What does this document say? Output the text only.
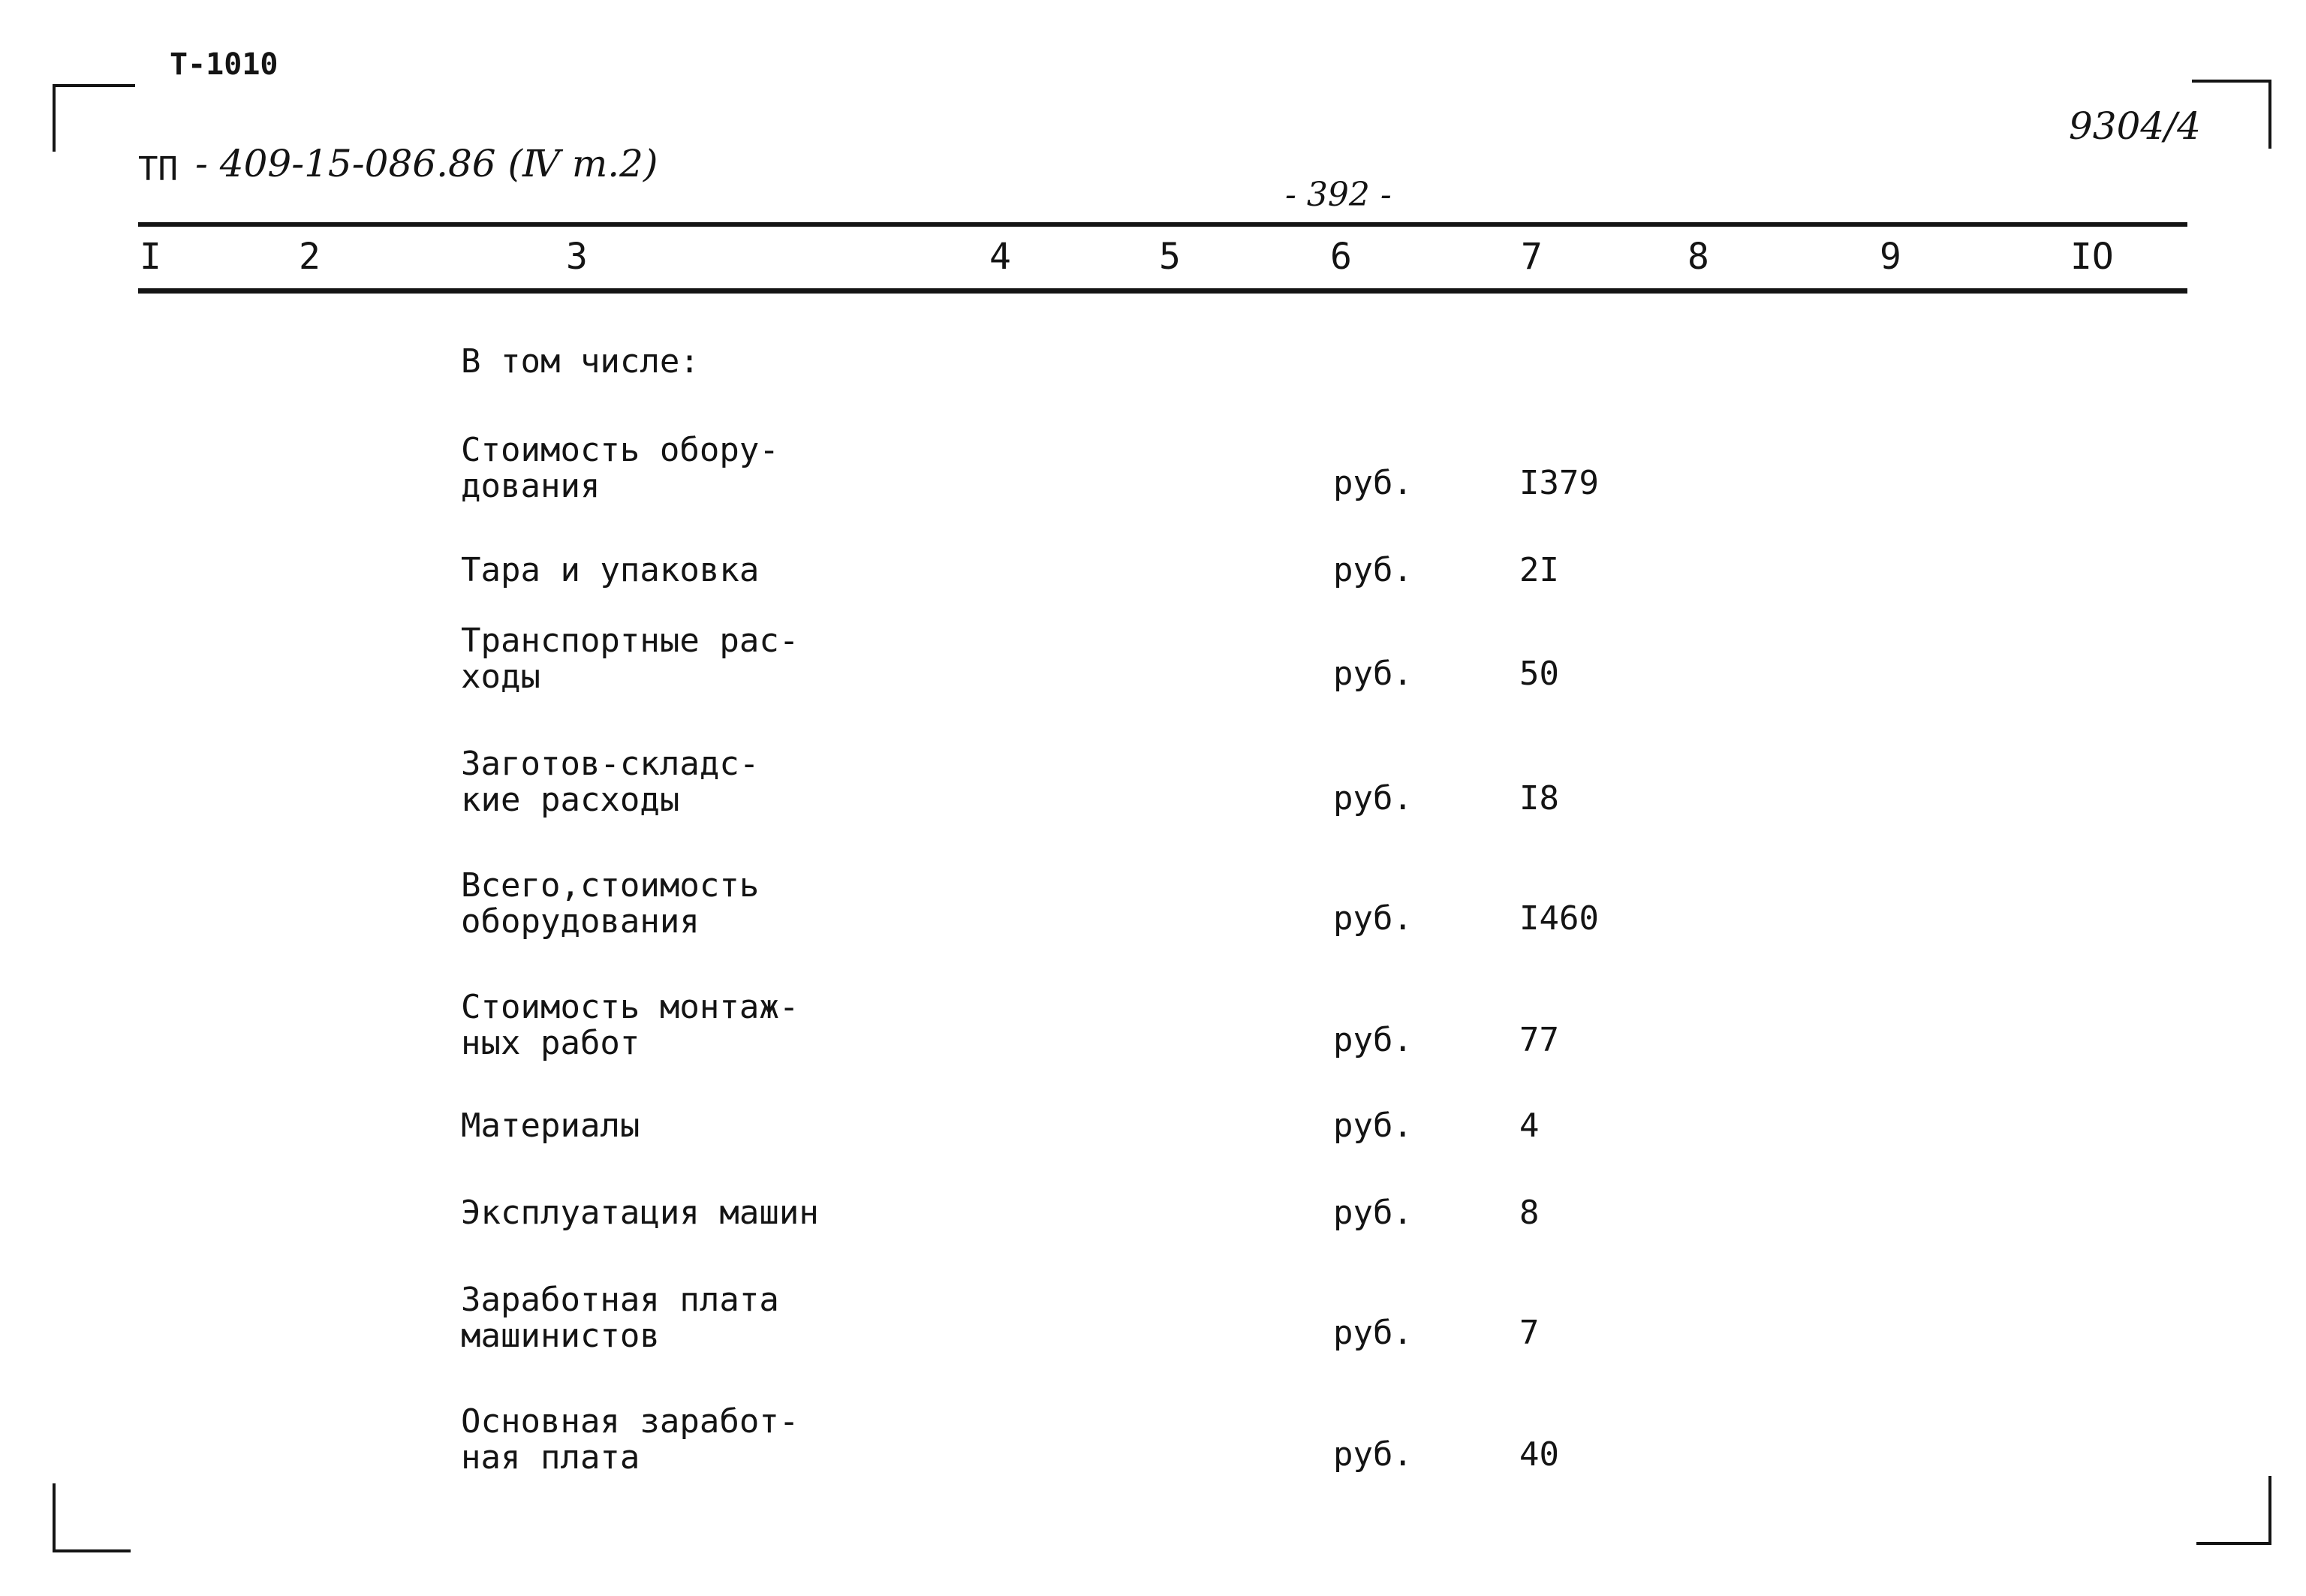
Т-1010
ТП - 409-15-086.86 (Ⅳ т.2)
- 392 -
9304/4
I	2	3	4	5	6	7	8	9	IO
В том числе:
Стоимость обору-
дования	руб.	I379
Тара и упаковка	руб.	2I
Транспортные рас-
ходы	руб.	50
Заготов-складс-
кие расходы	руб.	I8
Всего,стоимость
оборудования	руб.	I460
Стоимость монтаж-
ных работ	руб.	77
Материалы	руб.	4
Эксплуатация машин	руб.	8
Заработная плата
машинистов	руб.	7
Основная заработ-
ная плата	руб.	40
